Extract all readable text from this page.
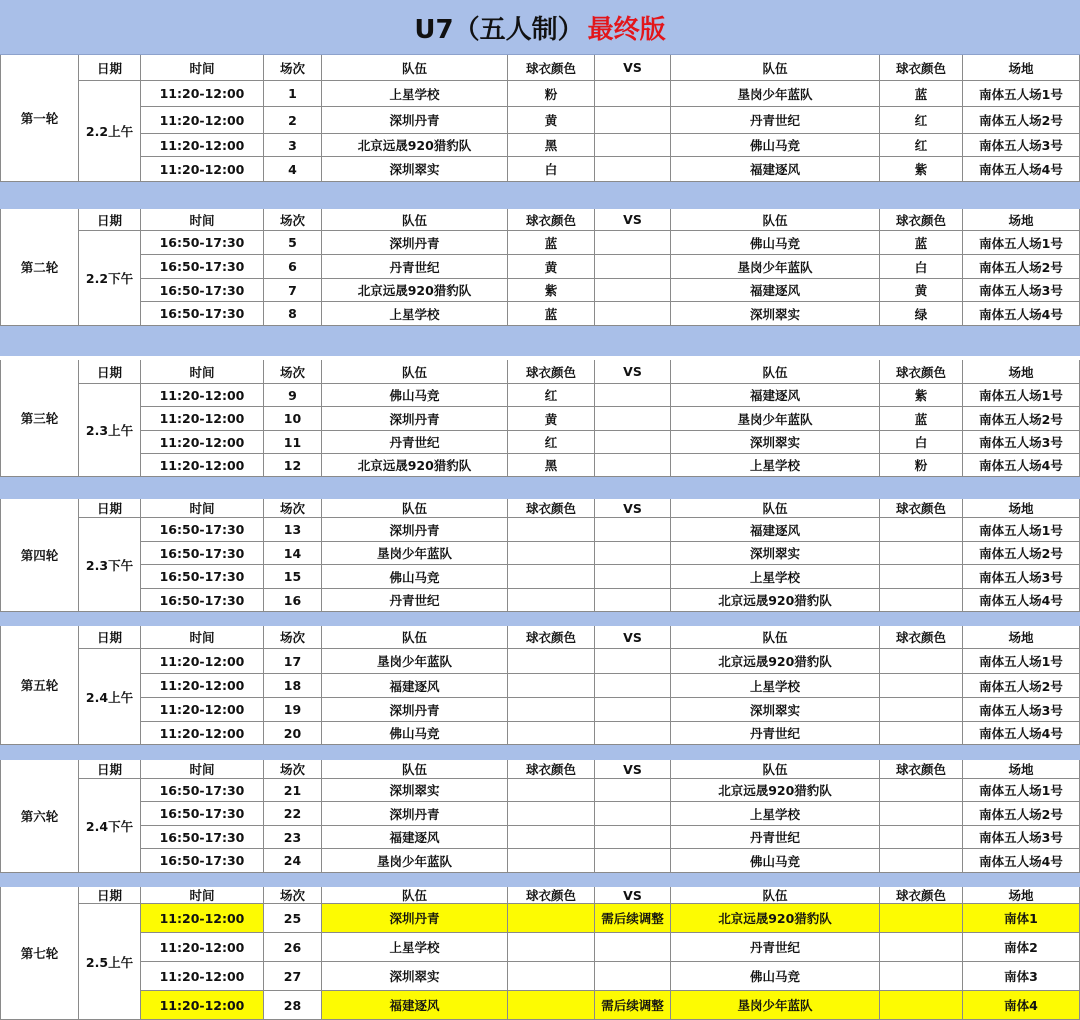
U7（五人制） 最终版
第一轮
日期	时间	场次	队伍	球衣颜色	VS	队伍	球衣颜色	场地
2.2上午
11:20-12:00	1	上星学校	粉	垦岗少年蓝队	蓝	南体五人场1号
11:20-12:00	2	深圳丹青	黄	丹青世纪	红	南体五人场2号
11:20-12:00	3	北京远晟920猎豹队	黑	佛山马竞	红	南体五人场3号
11:20-12:00	4	深圳翠实	白	福建逐风	紫	南体五人场4号
第二轮
日期	时间	场次	队伍	球衣颜色	VS	队伍	球衣颜色	场地
2.2下午
16:50-17:30	5	深圳丹青	蓝	佛山马竞	蓝	南体五人场1号
16:50-17:30	6	丹青世纪	黄	垦岗少年蓝队	白	南体五人场2号
16:50-17:30	7	北京远晟920猎豹队	紫	福建逐风	黄	南体五人场3号
16:50-17:30	8	上星学校	蓝	深圳翠实	绿	南体五人场4号
第三轮
日期	时间	场次	队伍	球衣颜色	VS	队伍	球衣颜色	场地
2.3上午
11:20-12:00	9	佛山马竞	红	福建逐风	紫	南体五人场1号
11:20-12:00	10	深圳丹青	黄	垦岗少年蓝队	蓝	南体五人场2号
11:20-12:00	11	丹青世纪	红	深圳翠实	白	南体五人场3号
11:20-12:00	12	北京远晟920猎豹队	黑	上星学校	粉	南体五人场4号
第四轮
日期	时间	场次	队伍	球衣颜色	VS	队伍	球衣颜色	场地
2.3下午
16:50-17:30	13	深圳丹青	福建逐风	南体五人场1号
16:50-17:30	14	垦岗少年蓝队	深圳翠实	南体五人场2号
16:50-17:30	15	佛山马竞	上星学校	南体五人场3号
16:50-17:30	16	丹青世纪	北京远晟920猎豹队	南体五人场4号
第五轮
日期	时间	场次	队伍	球衣颜色	VS	队伍	球衣颜色	场地
2.4上午
11:20-12:00	17	垦岗少年蓝队	北京远晟920猎豹队	南体五人场1号
11:20-12:00	18	福建逐风	上星学校	南体五人场2号
11:20-12:00	19	深圳丹青	深圳翠实	南体五人场3号
11:20-12:00	20	佛山马竞	丹青世纪	南体五人场4号
第六轮
日期	时间	场次	队伍	球衣颜色	VS	队伍	球衣颜色	场地
2.4下午
16:50-17:30	21	深圳翠实	北京远晟920猎豹队	南体五人场1号
16:50-17:30	22	深圳丹青	上星学校	南体五人场2号
16:50-17:30	23	福建逐风	丹青世纪	南体五人场3号
16:50-17:30	24	垦岗少年蓝队	佛山马竞	南体五人场4号
第七轮
日期	时间	场次	队伍	球衣颜色	VS	队伍	球衣颜色	场地
2.5上午
11:20-12:00	25	深圳丹青	需后续调整	北京远晟920猎豹队	南体1
11:20-12:00	26	上星学校	丹青世纪	南体2
11:20-12:00	27	深圳翠实	佛山马竞	南体3
11:20-12:00	28	福建逐风	需后续调整	垦岗少年蓝队	南体4
